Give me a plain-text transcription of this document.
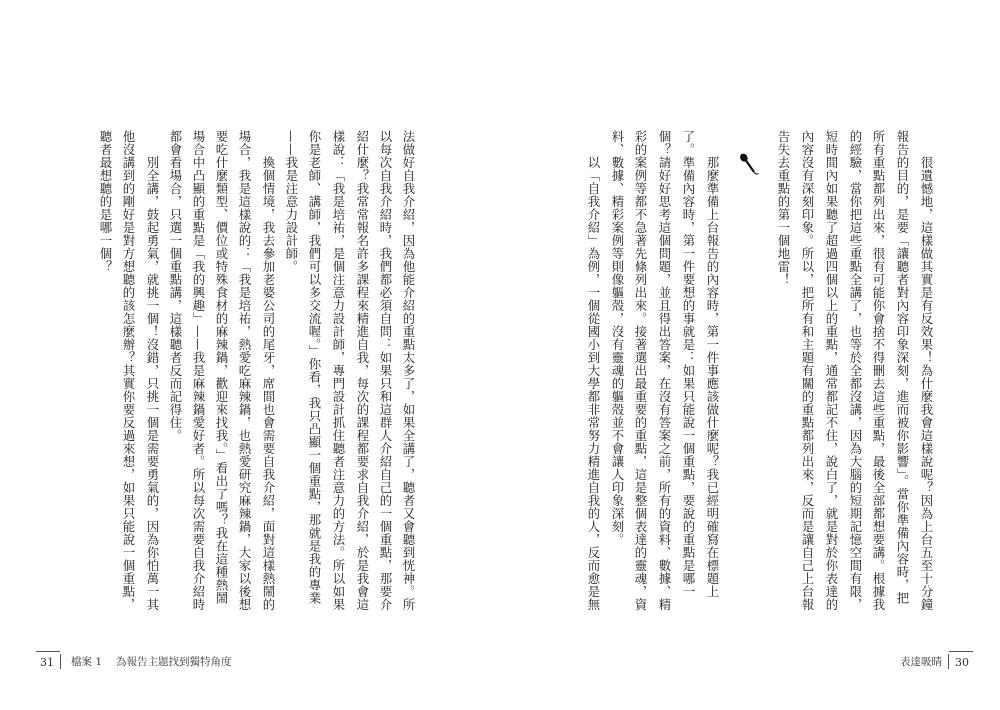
　　很遺憾地，這樣做其實是有反效果！為什麼我會這樣說呢？因為上台五至十分鐘
報告的目的，是要「讓聽者對內容印象深刻，進而被你影響」。當你準備內容時，把
所有重點都列出來，很有可能你會捨不得刪去這些重點，最後全部都想要講。根據我
的經驗，當你把這些重點全講了，也等於全都沒講，因為大腦的短期記憶空間有限，
短時間內如果聽了超過四個以上的重點，通常都記不住，說白了，就是對於你表達的
內容沒有深刻印象。所以，把所有和主題有關的重點都列出來，反而是讓自己上台報
告失去重點的第一個地雷！
　　那麼準備上台報告的內容時，第一件事應該做什麼呢？我已經明確寫在標題上
了。準備內容時，第一件要想的事就是：如果只能說一個重點，要說的重點是哪一
個？請好好思考這個問題，並且得出答案，在沒有答案之前，所有的資料、數據、精
彩的案例等都不急著先條列出來。接著選出最重要的重點，這是整個表達的靈魂，資
料、數據、精彩案例等則像軀殼，沒有靈魂的軀殼並不會讓人印象深刻。
　　以「自我介紹」為例，一個從國小到大學都非常努力精進自我的人，反而愈是無
法做好自我介紹，因為他能介紹的重點太多了，如果全講了，聽者又會聽到恍神。所
以每次自我介紹時，我們都必須自問：如果只和這群人介紹自己的一個重點，那要介
紹什麼？我常常報名許多課程來精進自我，每次的課程都要求自我介紹，於是我會這
樣說：「我是培祐，是個注意力設計師，專門設計抓住聽者注意力的方法。所以如果
你是老師、講師，我們可以多交流喔。」你看，我只凸顯一個重點，那就是我的專業
——我是注意力設計師。
　　換個情境，我去參加老婆公司的尾牙，席間也會需要自我介紹，面對這樣熱鬧的
場合，我是這樣說的：「我是培祐，熱愛吃麻辣鍋，也熱愛研究麻辣鍋，大家以後想
要吃什麼類型、價位或特殊食材的麻辣鍋，歡迎來找我。」看出了嗎？我在這種熱鬧
場合中凸顯的重點是「我的興趣」——我是麻辣鍋愛好者。所以每次需要自我介紹時
都會看場合，只選一個重點講，這樣聽者反而記得住。
　　別全講，鼓起勇氣，就挑一個！沒錯，只挑一個是需要勇氣的，因為你怕萬一其
他沒講到的剛好是對方想聽的該怎麼辦？其實你要反過來想，如果只能說一個重點，
聽者最想聽的是哪一個？
31	檔案 1 為報告主題找到獨特角度	表達吸睛	30
